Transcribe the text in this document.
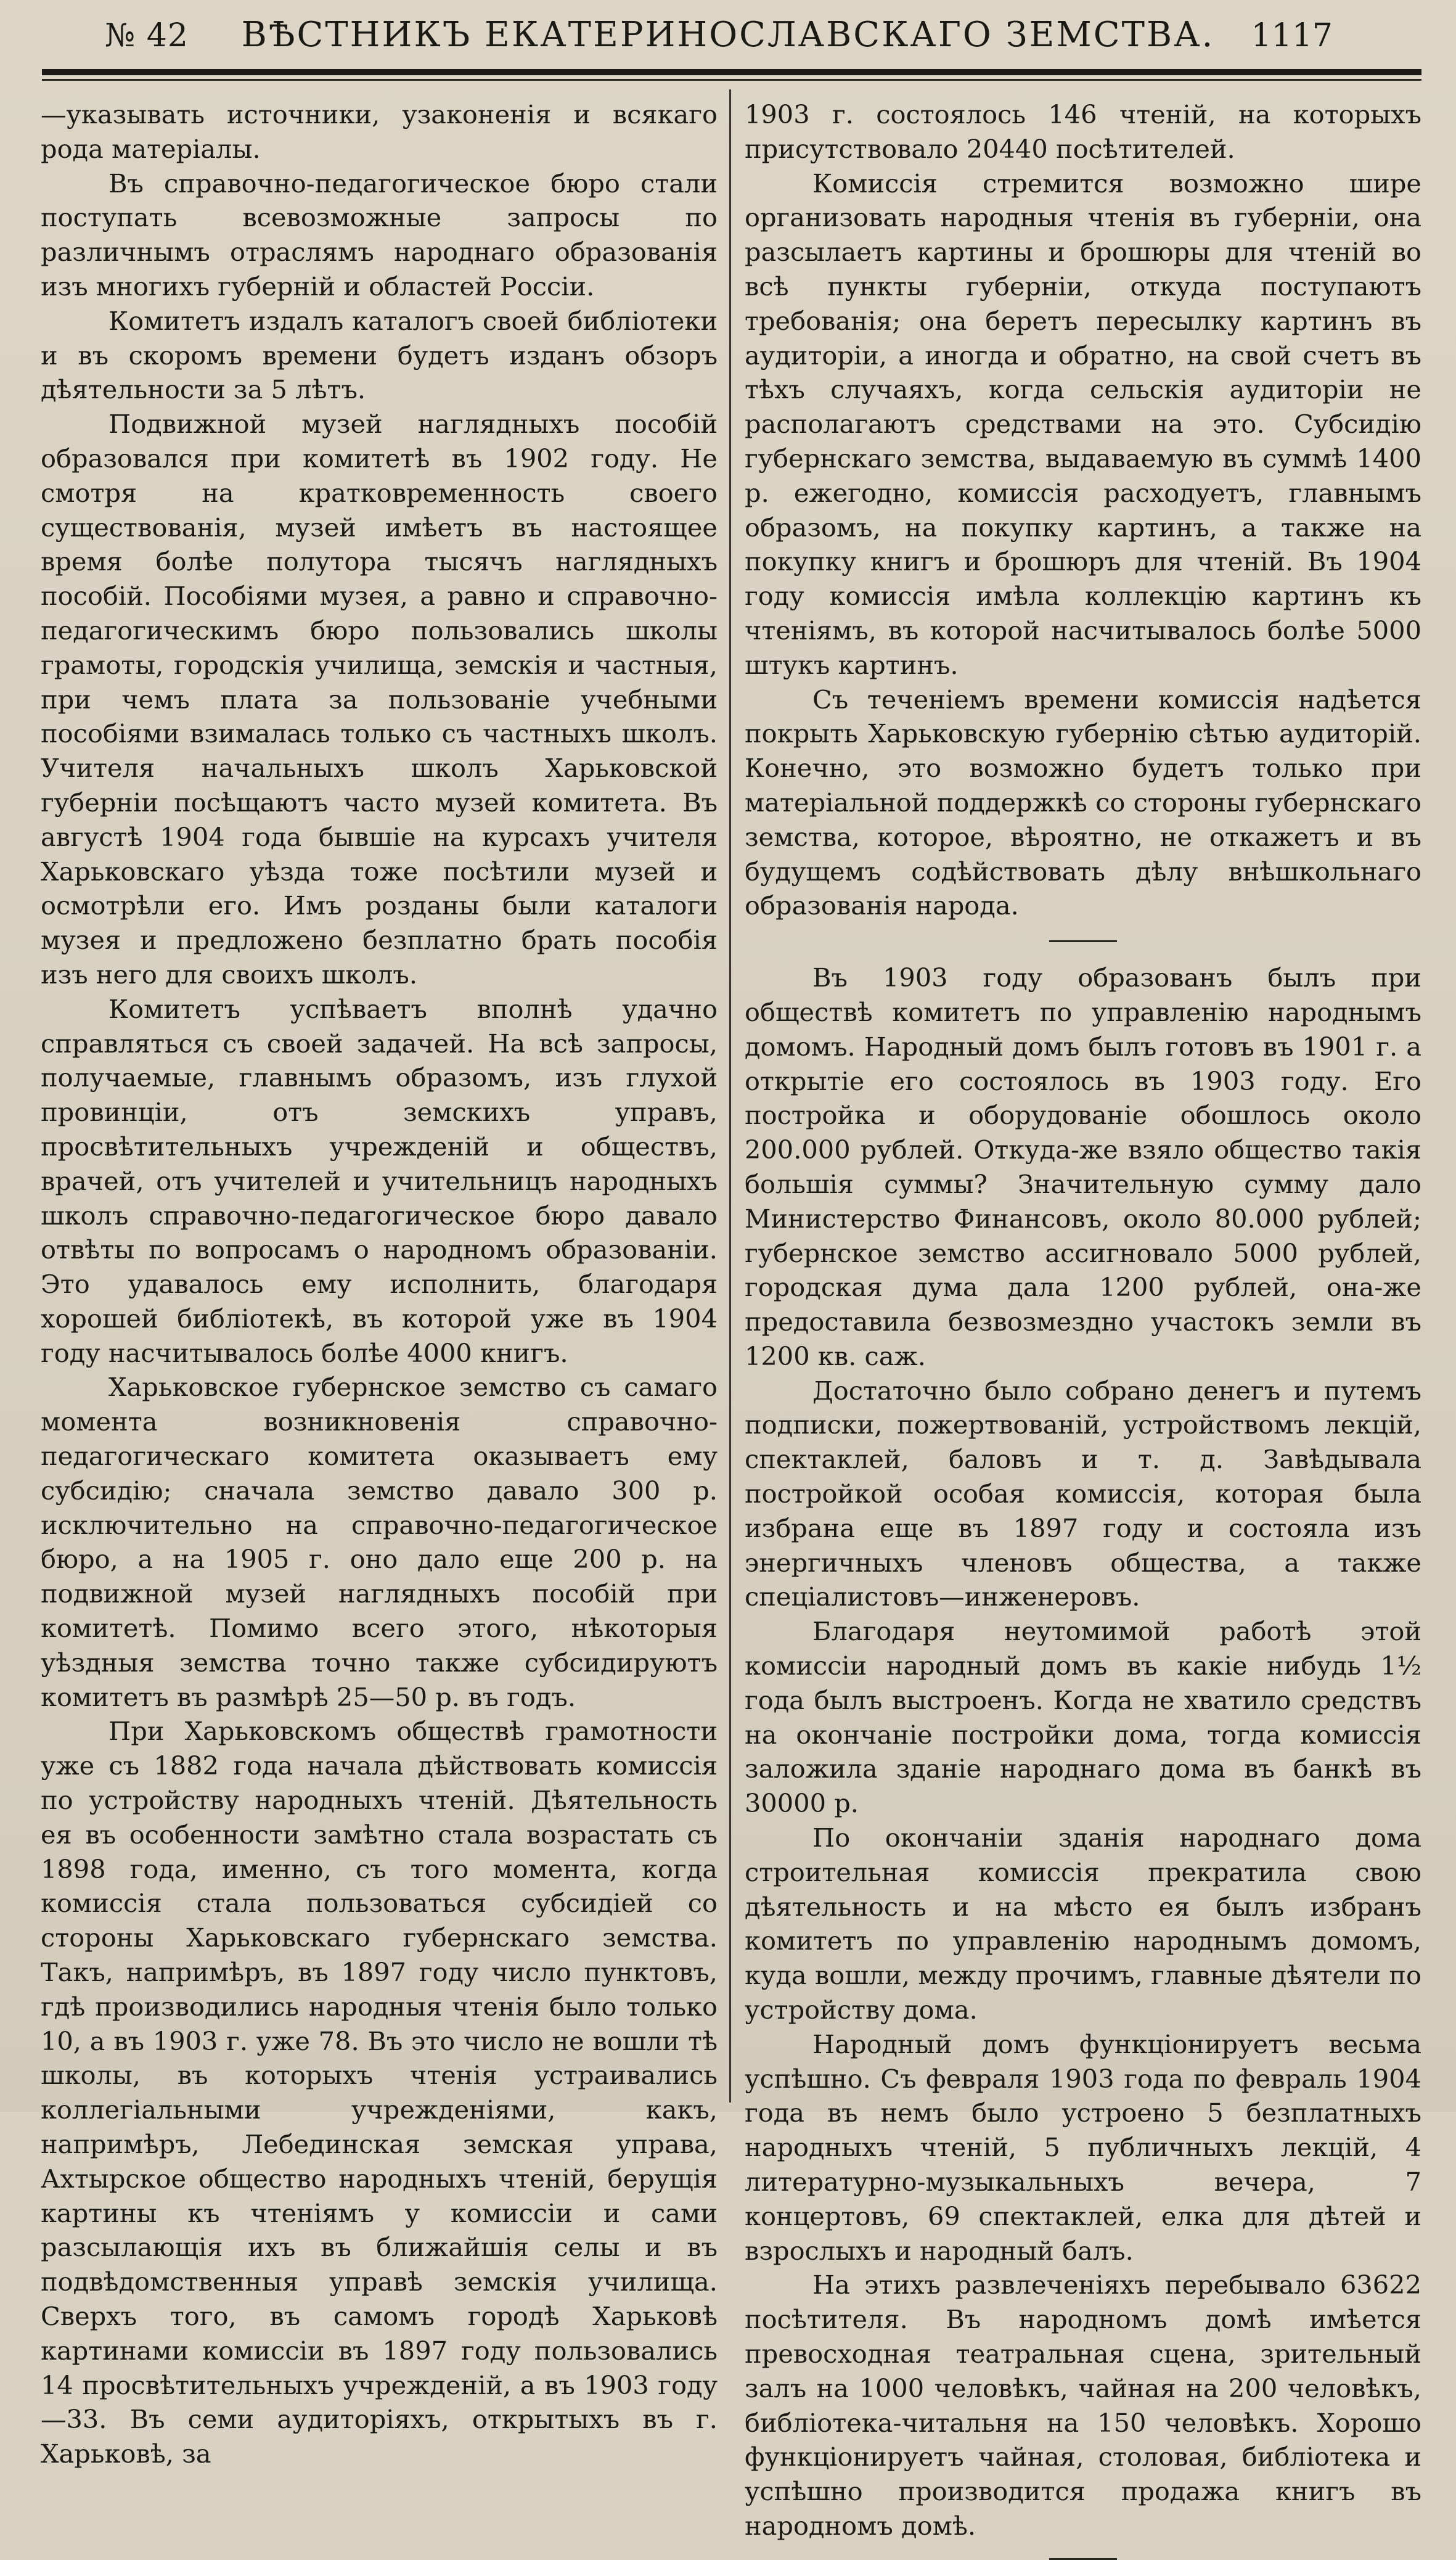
№ 42	ВѢСТНИКЪ ЕКАТЕРИНОСЛАВСКАГО ЗЕМСТВА.	1117

—указывать источники, узаконенія и всякаго рода матеріалы.

Въ справочно-педагогическое бюро стали поступать всевозможные запросы по различнымъ отраслямъ народнаго образованія изъ многихъ губерній и областей Россіи.

Комитетъ издалъ каталогъ своей библіотеки и въ скоромъ времени будетъ изданъ обзоръ дѣятельности за 5 лѣтъ.

Подвижной музей наглядныхъ пособій образовался при комитетѣ въ 1902 году. Не смотря на кратковременность своего существованія, музей имѣетъ въ настоящее время болѣе полутора тысячъ наглядныхъ пособій. Пособіями музея, а равно и справочно-педагогическимъ бюро пользовались школы грамоты, городскія училища, земскія и частныя, при чемъ плата за пользованіе учебными пособіями взималась только съ частныхъ школъ. Учителя начальныхъ школъ Харьковской губерніи посѣщаютъ часто музей комитета. Въ августѣ 1904 года бывшіе на курсахъ учителя Харьковскаго уѣзда тоже посѣтили музей и осмотрѣли его. Имъ розданы были каталоги музея и предложено безплатно брать пособія изъ него для своихъ школъ.

Комитетъ успѣваетъ вполнѣ удачно справляться съ своей задачей. На всѣ запросы, получаемые, главнымъ образомъ, изъ глухой провинціи, отъ земскихъ управъ, просвѣтительныхъ учрежденій и обществъ, врачей, отъ учителей и учительницъ народныхъ школъ справочно-педагогическое бюро давало отвѣты по вопросамъ о народномъ образованіи. Это удавалось ему исполнить, благодаря хорошей библіотекѣ, въ которой уже въ 1904 году насчитывалось болѣе 4000 книгъ.

Харьковское губернское земство съ самаго момента возникновенія справочно-педагогическаго комитета оказываетъ ему субсидію; сначала земство давало 300 р. исключительно на справочно-педагогическое бюро, а на 1905 г. оно дало еще 200 р. на подвижной музей наглядныхъ пособій при комитетѣ. Помимо всего этого, нѣкоторыя уѣздныя земства точно также субсидируютъ комитетъ въ размѣрѣ 25—50 р. въ годъ.

При Харьковскомъ обществѣ грамотности уже съ 1882 года начала дѣйствовать комиссія по устройству народныхъ чтеній. Дѣятельность ея въ особенности замѣтно стала возрастать съ 1898 года, именно, съ того момента, когда комиссія стала пользоваться субсидіей со стороны Харьковскаго губернскаго земства. Такъ, напримѣръ, въ 1897 году число пунктовъ, гдѣ производились народныя чтенія было только 10, а въ 1903 г. уже 78. Въ это число не вошли тѣ школы, въ которыхъ чтенія устраивались коллегіальными учрежденіями, какъ, напримѣръ, Лебединская земская управа, Ахтырское общество народныхъ чтеній, берущія картины къ чтеніямъ у комиссіи и сами разсылающія ихъ въ ближайшія селы и въ подвѣдомственныя управѣ земскія училища. Сверхъ того, въ самомъ городѣ Харьковѣ картинами комиссіи въ 1897 году пользовались 14 просвѣтительныхъ учрежденій, а въ 1903 году—33. Въ семи аудиторіяхъ, открытыхъ въ г. Харьковѣ, за

1903 г. состоялось 146 чтеній, на которыхъ присутствовало 20440 посѣтителей.

Комиссія стремится возможно шире организовать народныя чтенія въ губерніи, она разсылаетъ картины и брошюры для чтеній во всѣ пункты губерніи, откуда поступаютъ требованія; она беретъ пересылку картинъ въ аудиторіи, а иногда и обратно, на свой счетъ въ тѣхъ случаяхъ, когда сельскія аудиторіи не располагаютъ средствами на это. Субсидію губернскаго земства, выдаваемую въ суммѣ 1400 р. ежегодно, комиссія расходуетъ, главнымъ образомъ, на покупку картинъ, а также на покупку книгъ и брошюръ для чтеній. Въ 1904 году комиссія имѣла коллекцію картинъ къ чтеніямъ, въ которой насчитывалось болѣе 5000 штукъ картинъ.

Съ теченіемъ времени комиссія надѣется покрыть Харьковскую губернію сѣтью аудиторій. Конечно, это возможно будетъ только при матеріальной поддержкѣ со стороны губернскаго земства, которое, вѣроятно, не откажетъ и въ будущемъ содѣйствовать дѣлу внѣшкольнаго образованія народа.

Въ 1903 году образованъ былъ при обществѣ комитетъ по управленію народнымъ домомъ. Народный домъ былъ готовъ въ 1901 г. а открытіе его состоялось въ 1903 году. Его постройка и оборудованіе обошлось около 200.000 рублей. Откуда-же взяло общество такія большія суммы? Значительную сумму дало Министерство Финансовъ, около 80.000 рублей; губернское земство ассигновало 5000 рублей, городская дума дала 1200 рублей, она-же предоставила безвозмездно участокъ земли въ 1200 кв. саж.

Достаточно было собрано денегъ и путемъ подписки, пожертвованій, устройствомъ лекцій, спектаклей, баловъ и т. д. Завѣдывала постройкой особая комиссія, которая была избрана еще въ 1897 году и состояла изъ энергичныхъ членовъ общества, а также спеціалистовъ—инженеровъ.

Благодаря неутомимой работѣ этой комиссіи народный домъ въ какіе нибудь 1½ года былъ выстроенъ. Когда не хватило средствъ на окончаніе постройки дома, тогда комиссія заложила зданіе народнаго дома въ банкѣ въ 30000 р.

По окончаніи зданія народнаго дома строительная комиссія прекратила свою дѣятельность и на мѣсто ея былъ избранъ комитетъ по управленію народнымъ домомъ, куда вошли, между прочимъ, главные дѣятели по устройству дома.

Народный домъ функціонируетъ весьма успѣшно. Съ февраля 1903 года по февраль 1904 года въ немъ было устроено 5 безплатныхъ народныхъ чтеній, 5 публичныхъ лекцій, 4 литературно-музыкальныхъ вечера, 7 концертовъ, 69 спектаклей, елка для дѣтей и взрослыхъ и народный балъ.

На этихъ развлеченіяхъ перебывало 63622 посѣтителя. Въ народномъ домѣ имѣется превосходная театральная сцена, зрительный залъ на 1000 человѣкъ, чайная на 200 человѣкъ, библіотека-читальня на 150 человѣкъ. Хорошо функціонируетъ чайная, столовая, библіотека и успѣшно производится продажа книгъ въ народномъ домѣ.
